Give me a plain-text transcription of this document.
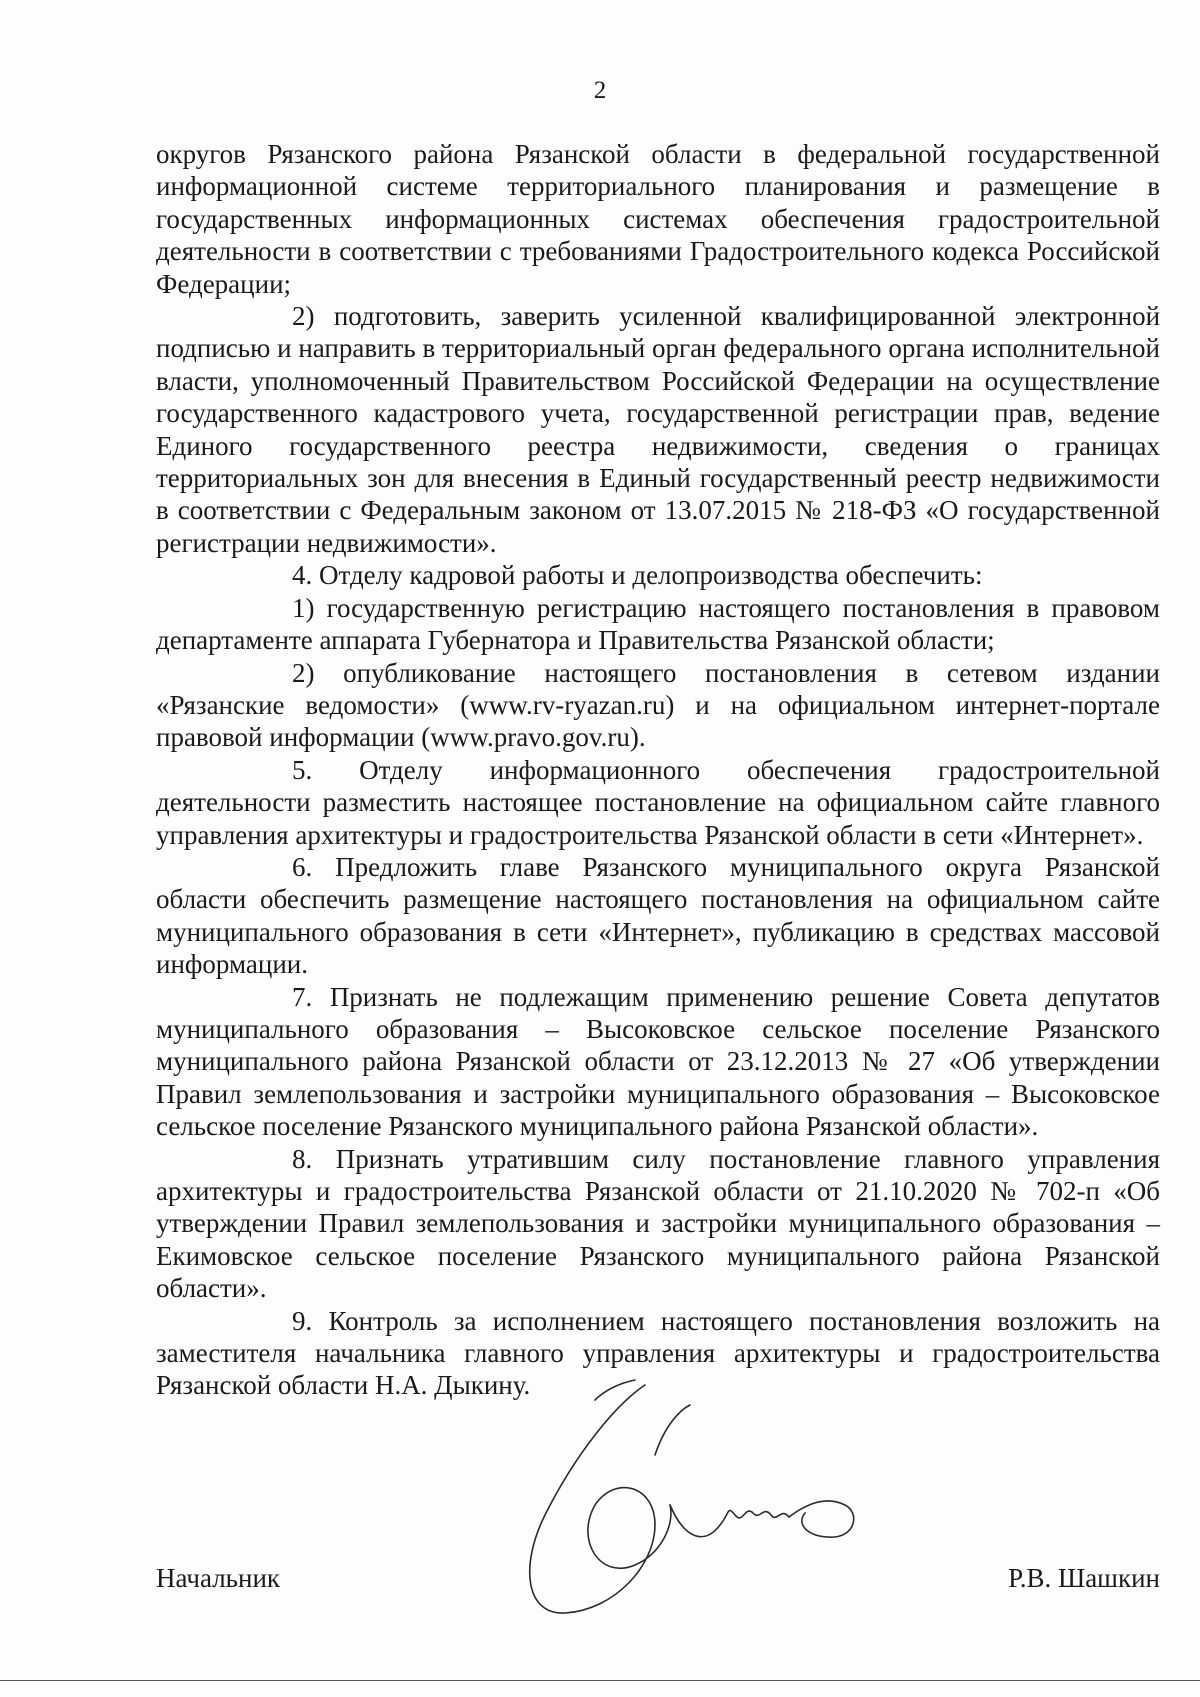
2

округов Рязанского района Рязанской области в федеральной государственной информационной системе территориального планирования и размещение в государственных информационных системах обеспечения градостроительной деятельности в соответствии с требованиями Градостроительного кодекса Российской Федерации;

2) подготовить, заверить усиленной квалифицированной электронной подписью и направить в территориальный орган федерального органа исполнительной власти, уполномоченный Правительством Российской Федерации на осуществление государственного кадастрового учета, государственной регистрации прав, ведение Единого государственного реестра недвижимости, сведения о границах территориальных зон для внесения в Единый государственный реестр недвижимости в соответствии с Федеральным законом от 13.07.2015 № 218-ФЗ «О государственной регистрации недвижимости».

4. Отделу кадровой работы и делопроизводства обеспечить:

1) государственную регистрацию настоящего постановления в правовом департаменте аппарата Губернатора и Правительства Рязанской области;

2) опубликование настоящего постановления в сетевом издании «Рязанские ведомости» (www.rv-ryazan.ru) и на официальном интернет-портале правовой информации (www.pravo.gov.ru).

5. Отделу информационного обеспечения градостроительной деятельности разместить настоящее постановление на официальном сайте главного управления архитектуры и градостроительства Рязанской области в сети «Интернет».

6. Предложить главе Рязанского муниципального округа Рязанской области обеспечить размещение настоящего постановления на официальном сайте муниципального образования в сети «Интернет», публикацию в средствах массовой информации.

7. Признать не подлежащим применению решение Совета депутатов муниципального образования – Высоковское сельское поселение Рязанского муниципального района Рязанской области от 23.12.2013 № 27 «Об утверждении Правил землепользования и застройки муниципального образования – Высоковское сельское поселение Рязанского муниципального района Рязанской области».

8. Признать утратившим силу постановление главного управления архитектуры и градостроительства Рязанской области от 21.10.2020 № 702-п «Об утверждении Правил землепользования и застройки муниципального образования – Екимовское сельское поселение Рязанского муниципального района Рязанской области».

9. Контроль за исполнением настоящего постановления возложить на заместителя начальника главного управления архитектуры и градостроительства Рязанской области Н.А. Дыкину.

Начальник	Р.В. Шашкин
